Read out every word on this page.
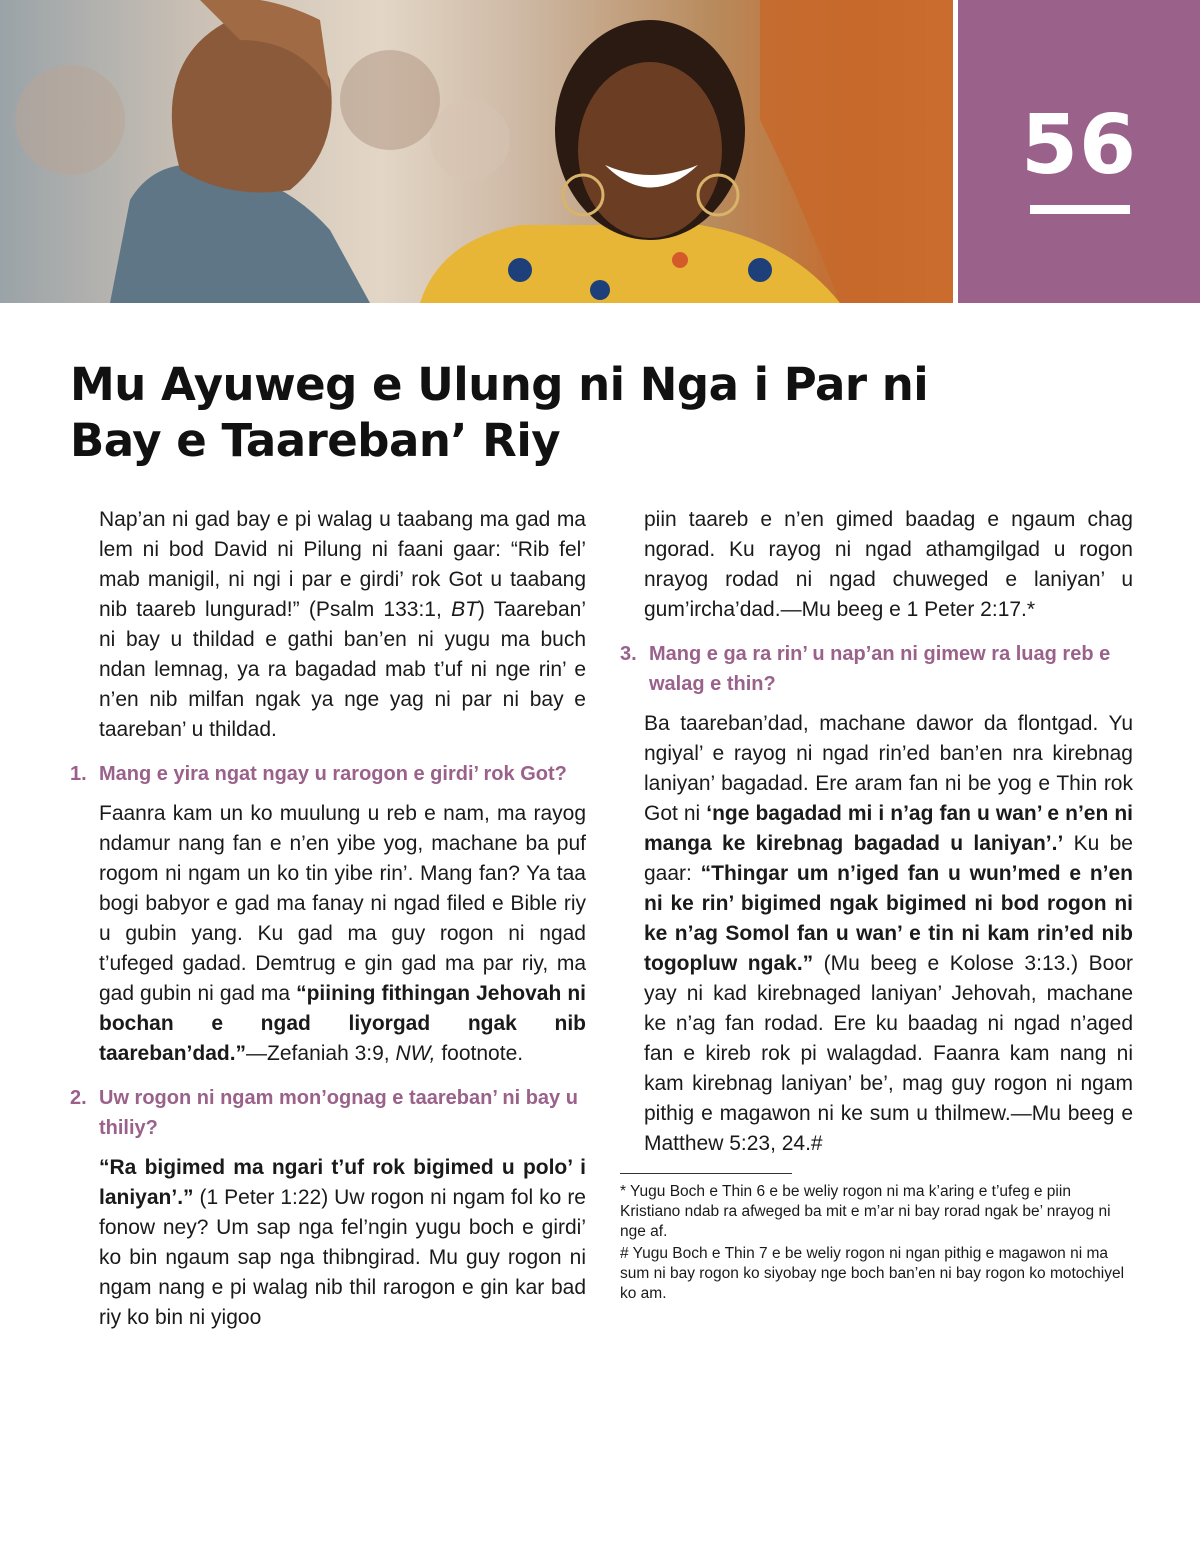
56
Mu Ayuweg e Ulung ni Nga i Par ni Bay e Taareban’ Riy

Nap’an ni gad bay e pi walag u taabang ma gad ma lem ni bod David ni Pilung ni faani gaar: “Rib fel’ mab manigil, ni ngi i par e girdi’ rok Got u taabang nib taareb lungurad!” (Psalm 133:1, BT) Taareban’ ni bay u thildad e gathi ban’en ni yugu ma buch ndan lemnag, ya ra bagadad mab t’uf ni nge rin’ e n’en nib milfan ngak ya nge yag ni par ni bay e taareban’ u thildad.

1. Mang e yira ngat ngay u rarogon e girdi’ rok Got?

Faanra kam un ko muulung u reb e nam, ma rayog ndamur nang fan e n’en yibe yog, machane ba puf rogom ni ngam un ko tin yibe rin’. Mang fan? Ya taa bogi babyor e gad ma fanay ni ngad filed e Bible riy u gubin yang. Ku gad ma guy rogon ni ngad t’ufeged gadad. Demtrug e gin gad ma par riy, ma gad gubin ni gad ma “piining fithingan Jehovah ni bochan e ngad liyorgad ngak nib taareban’dad.”—Zefaniah 3:9, NW, footnote.

2. Uw rogon ni ngam mon’ognag e taareban’ ni bay u thiliy?

“Ra bigimed ma ngari t’uf rok bigimed u polo’ i laniyan’.” (1 Peter 1:22) Uw rogon ni ngam fol ko re fonow ney? Um sap nga fel’ngin yugu boch e girdi’ ko bin ngaum sap nga thibngirad. Mu guy rogon ni ngam nang e pi walag nib thil rarogon e gin kar bad riy ko bin ni yigoo

piin taareb e n’en gimed baadag e ngaum chag ngorad. Ku rayog ni ngad athamgilgad u rogon nrayog rodad ni ngad chuweged e laniyan’ u gum’ircha’dad.—Mu beeg e 1 Peter 2:17.*

3. Mang e ga ra rin’ u nap’an ni gimew ra luag reb e walag e thin?

Ba taareban’dad, machane dawor da flontgad. Yu ngiyal’ e rayog ni ngad rin’ed ban’en nra kirebnag laniyan’ bagadad. Ere aram fan ni be yog e Thin rok Got ni ‘nge bagadad mi i n’ag fan u wan’ e n’en ni manga ke kirebnag bagadad u laniyan’.’ Ku be gaar: “Thingar um n’iged fan u wun’med e n’en ni ke rin’ bigimed ngak bigimed ni bod rogon ni ke n’ag Somol fan u wan’ e tin ni kam rin’ed nib togopluw ngak.” (Mu beeg e Kolose 3:13.) Boor yay ni kad kirebnaged laniyan’ Jehovah, machane ke n’ag fan rodad. Ere ku baadag ni ngad n’aged fan e kireb rok pi walagdad. Faanra kam nang ni kam kirebnag laniyan’ be’, mag guy rogon ni ngam pithig e magawon ni ke sum u thilmew.—Mu beeg e Matthew 5:23, 24.#

* Yugu Boch e Thin 6 e be weliy rogon ni ma k’aring e t’ufeg e piin Kristiano ndab ra afweged ba mit e m’ar ni bay rorad ngak be’ nrayog ni nge af.

# Yugu Boch e Thin 7 e be weliy rogon ni ngan pithig e magawon ni ma sum ni bay rogon ko siyobay nge boch ban’en ni bay rogon ko motochiyel ko am.
